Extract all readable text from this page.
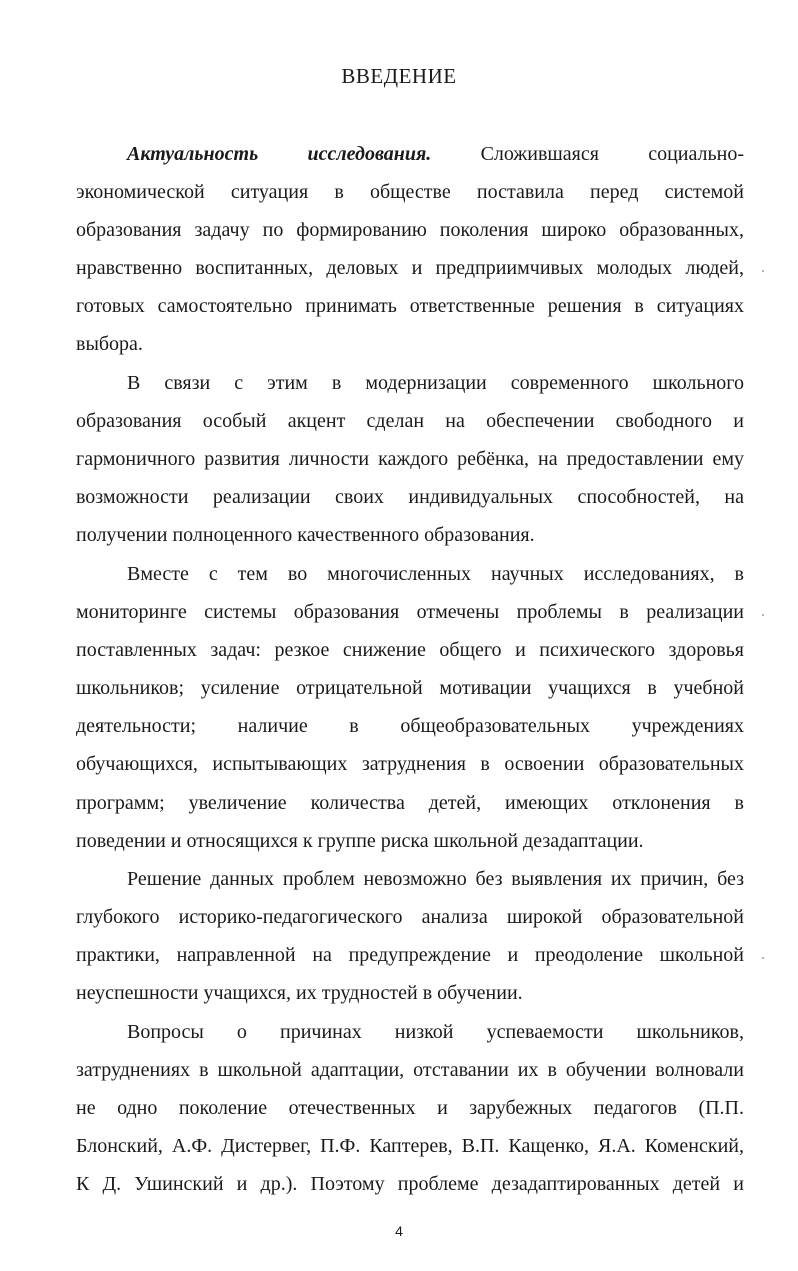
ВВЕДЕНИЕ
Актуальность исследования. Сложившаяся социально-
экономической ситуация в обществе поставила перед системой
образования задачу по формированию поколения широко образованных,
нравственно воспитанных, деловых и предприимчивых молодых людей,
готовых самостоятельно принимать ответственные решения в ситуациях
выбора.
В связи с этим в модернизации современного школьного
образования особый акцент сделан на обеспечении свободного и
гармоничного развития личности каждого ребёнка, на предоставлении ему
возможности реализации своих индивидуальных способностей, на
получении полноценного качественного образования.
Вместе с тем во многочисленных научных исследованиях, в
мониторинге системы образования отмечены проблемы в реализации
поставленных задач: резкое снижение общего и психического здоровья
школьников; усиление отрицательной мотивации учащихся в учебной
деятельности; наличие в общеобразовательных учреждениях
обучающихся, испытывающих затруднения в освоении образовательных
программ; увеличение количества детей, имеющих отклонения в
поведении и относящихся к группе риска школьной дезадаптации.
Решение данных проблем невозможно без выявления их причин, без
глубокого историко-педагогического анализа широкой образовательной
практики, направленной на предупреждение и преодоление школьной
неуспешности учащихся, их трудностей в обучении.
Вопросы о причинах низкой успеваемости школьников,
затруднениях в школьной адаптации, отставании их в обучении волновали
не одно поколение отечественных и зарубежных педагогов (П.П.
Блонский, А.Ф. Дистервег, П.Ф. Каптерев, В.П. Кащенко, Я.А. Коменский,
К Д. Ушинский и др.). Поэтому проблеме дезадаптированных детей и
4
